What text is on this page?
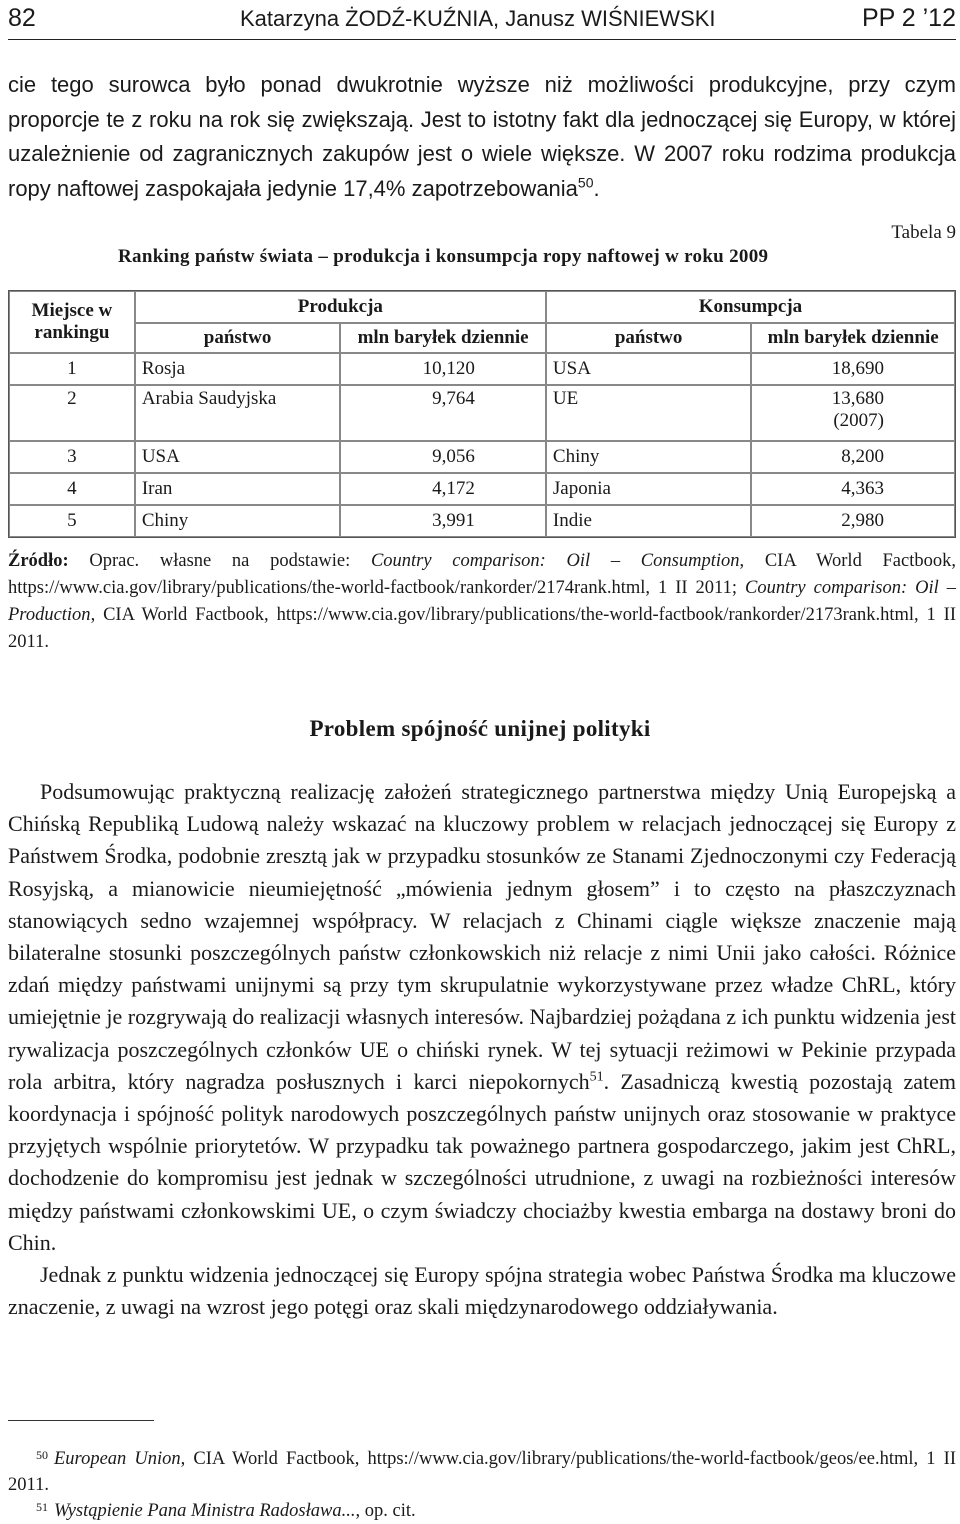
82	Katarzyna ŻODŹ-KUŹNIA, Janusz WIŚNIEWSKI	PP 2 ’12
cie tego surowca było ponad dwukrotnie wyższe niż możliwości produkcyjne, przy czym proporcje te z roku na rok się zwiększają. Jest to istotny fakt dla jednoczącej się Europy, w której uzależnienie od zagranicznych zakupów jest o wiele większe. W 2007 roku rodzima produkcja ropy naftowej zaspokajała jedynie 17,4% zapotrzebowania$^{50}$.
Tabela 9
Ranking państw świata – produkcja i konsumpcja ropy naftowej w roku 2009
Miejsce w rankingu	Produkcja		Konsumpcja	
	państwo	mln baryłek dziennie	państwo	mln baryłek dziennie
1	Rosja	10,120	USA	18,690
2	Arabia Saudyjska	9,764	UE	13,680
(2007)

3	USA	9,056	Chiny	8,200
4	Iran	4,172	Japonia	4,363
5	Chiny	3,991	Indie	2,980
Źródło: Oprac. własne na podstawie: Country comparison: Oil – Consumption, CIA World Factbook, https://www.cia.gov/library/publications/the-world-factbook/rankorder/2174rank.html, 1 II 2011; Country comparison: Oil – Production, CIA World Factbook, https://www.cia.gov/library/publications/the-world-factbook/rankorder/2173rank.html, 1 II 2011.
Problem spójność unijnej polityki

Podsumowując praktyczną realizację założeń strategicznego partnerstwa między Unią Europejską a Chińską Republiką Ludową należy wskazać na kluczowy problem w relacjach jednoczącej się Europy z Państwem Środka, podobnie zresztą jak w przypadku stosunków ze Stanami Zjednoczonymi czy Federacją Rosyjską, a mianowicie nieumiejętność „mówienia jednym głosem” i to często na płaszczyznach stanowiących sedno wzajemnej współpracy. W relacjach z Chinami ciągle większe znaczenie mają bilateralne stosunki poszczególnych państw członkowskich niż relacje z nimi Unii jako całości. Różnice zdań między państwami unijnymi są przy tym skrupulatnie wykorzystywane przez władze ChRL, który umiejętnie je rozgrywają do realizacji własnych interesów. Najbardziej pożądana z ich punktu widzenia jest rywalizacja poszczególnych członków UE o chiński rynek. W tej sytuacji reżimowi w Pekinie przypada rola arbitra, który nagradza posłusznych i karci niepokornych$^{51}$. Zasadniczą kwestią pozostają zatem koordynacja i spójność polityk narodowych poszczególnych państw unijnych oraz stosowanie w praktyce przyjętych wspólnie priorytetów. W przypadku tak poważnego partnera gospodarczego, jakim jest ChRL, dochodzenie do kompromisu jest jednak w szczególności utrudnione, z uwagi na rozbieżności interesów między państwami członkowskimi UE, o czym świadczy chociażby kwestia embarga na dostawy broni do Chin.

Jednak z punktu widzenia jednoczącej się Europy spójna strategia wobec Państwa Środka ma kluczowe znaczenie, z uwagi na wzrost jego potęgi oraz skali międzynarodowego oddziaływania.

$^{50}$ European Union, CIA World Factbook, https://www.cia.gov/library/publications/the-world-factbook/geos/ee.html, 1 II 2011.
$^{51}$ Wystąpienie Pana Ministra Radosława..., op. cit.
